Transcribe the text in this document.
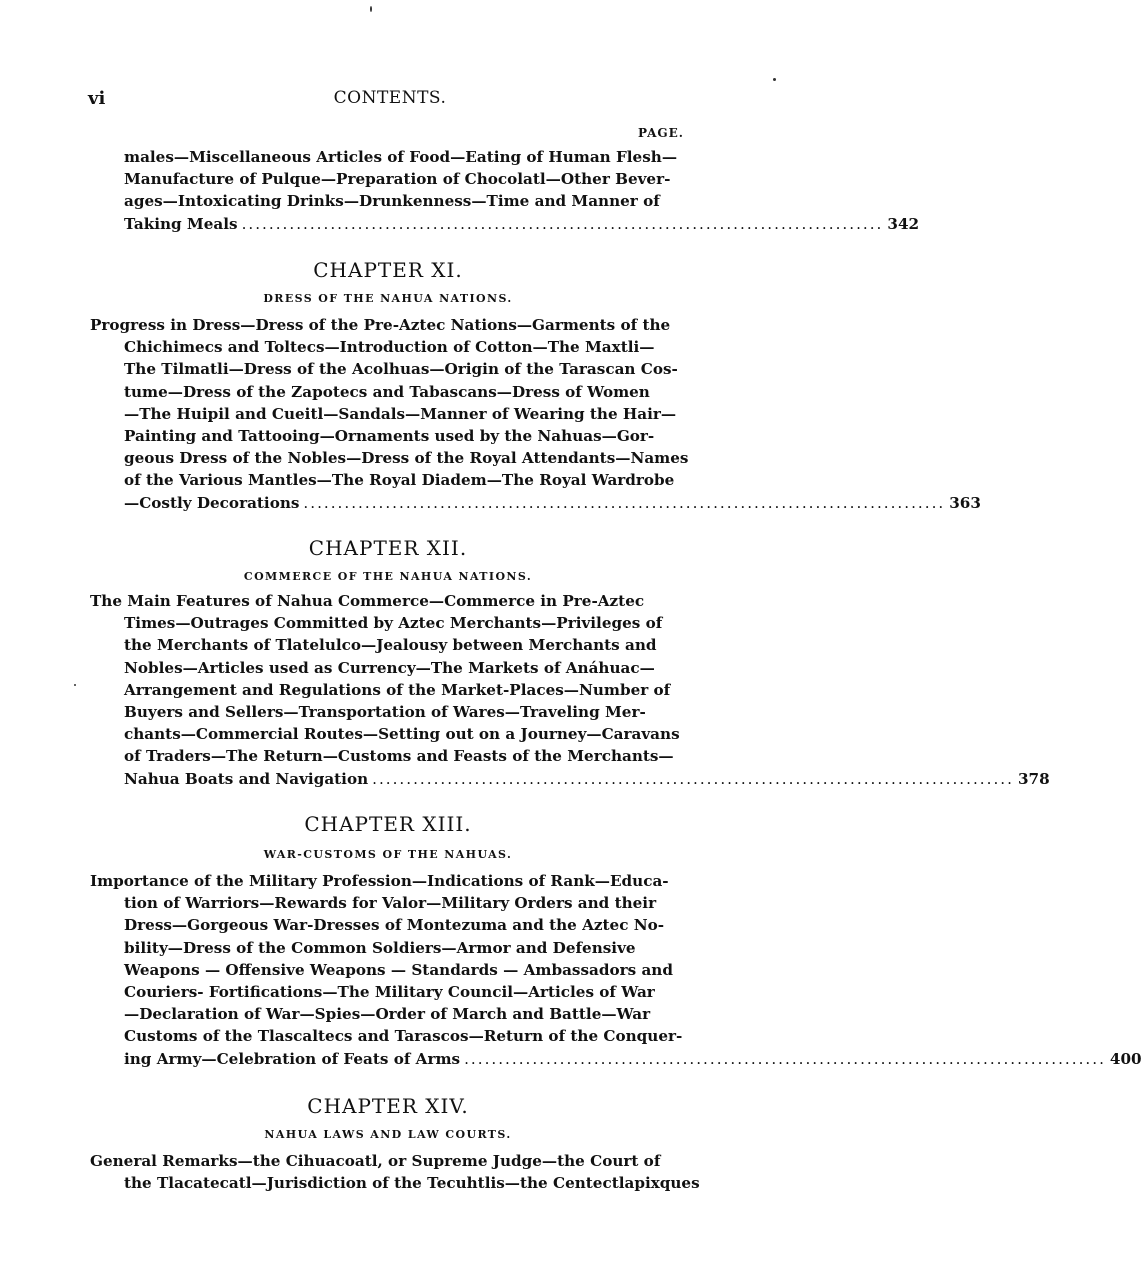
vi	CONTENTS.
PAGE.
males—Miscellaneous Articles of Food—Eating of Human Flesh—
Manufacture of Pulque—Preparation of Chocolatl—Other Bever-
ages—Intoxicating Drinks—Drunkenness—Time and Manner of
Taking Meals .............................................................................................. 342
CHAPTER XI.
DRESS OF THE NAHUA NATIONS.
Progress in Dress—Dress of the Pre-Aztec Nations—Garments of the
Chichimecs and Toltecs—Introduction of Cotton—The Maxtli—
The Tilmatli—Dress of the Acolhuas—Origin of the Tarascan Cos-
tume—Dress of the Zapotecs and Tabascans—Dress of Women
—The Huipil and Cueitl—Sandals—Manner of Wearing the Hair—
Painting and Tattooing—Ornaments used by the Nahuas—Gor-
geous Dress of the Nobles—Dress of the Royal Attendants—Names
of the Various Mantles—The Royal Diadem—The Royal Wardrobe
—Costly Decorations .............................................................................................. 363
CHAPTER XII.
COMMERCE OF THE NAHUA NATIONS.
The Main Features of Nahua Commerce—Commerce in Pre-Aztec
Times—Outrages Committed by Aztec Merchants—Privileges of
the Merchants of Tlatelulco—Jealousy between Merchants and
Nobles—Articles used as Currency—The Markets of Anáhuac—
Arrangement and Regulations of the Market-Places—Number of
Buyers and Sellers—Transportation of Wares—Traveling Mer-
chants—Commercial Routes—Setting out on a Journey—Caravans
of Traders—The Return—Customs and Feasts of the Merchants—
Nahua Boats and Navigation .............................................................................................. 378
CHAPTER XIII.
WAR-CUSTOMS OF THE NAHUAS.
Importance of the Military Profession—Indications of Rank—Educa-
tion of Warriors—Rewards for Valor—Military Orders and their
Dress—Gorgeous War-Dresses of Montezuma and the Aztec No-
bility—Dress of the Common Soldiers—Armor and Defensive
Weapons — Offensive Weapons — Standards — Ambassadors and
Couriers- Fortifications—The Military Council—Articles of War
—Declaration of War—Spies—Order of March and Battle—War
Customs of the Tlascaltecs and Tarascos—Return of the Conquer-
ing Army—Celebration of Feats of Arms .............................................................................................. 400
CHAPTER XIV.
NAHUA LAWS AND LAW COURTS.
General Remarks—the Cihuacoatl, or Supreme Judge—the Court of
the Tlacatecatl—Jurisdiction of the Tecuhtlis—the Centectlapixques
